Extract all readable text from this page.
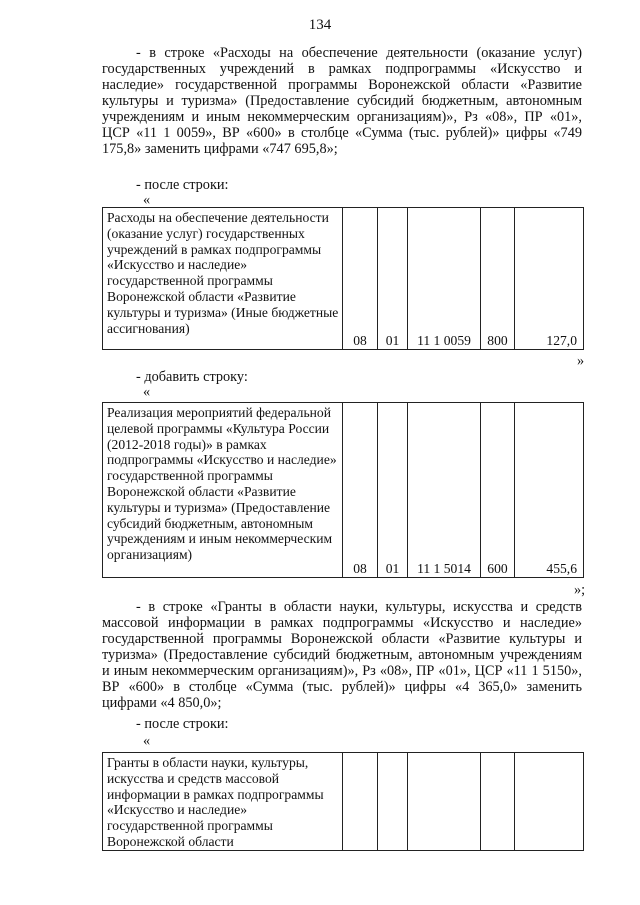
134

- в строке «Расходы на обеспечение деятельности (оказание услуг) государственных учреждений в рамках подпрограммы «Искусство и наследие» государственной программы Воронежской области «Развитие культуры и туризма» (Предоставление субсидий бюджетным, автономным учреждениям и иным некоммерческим организациям)», Рз «08», ПР «01», ЦСР «11 1 0059», ВР «600» в столбце «Сумма (тыс. рублей)» цифры «749 175,8» заменить цифрами «747 695,8»;

- после строки:
«
Расходы на обеспечение деятельности (оказание услуг) государственных учреждений в рамках подпрограммы «Искусство и наследие» государственной программы Воронежской области «Развитие культуры и туризма» (Иные бюджетные ассигнования)	08	01	11 1 0059	800	127,0
»
- добавить строку:
«
Реализация мероприятий федеральной целевой программы «Культура России (2012-2018 годы)» в рамках подпрограммы «Искусство и наследие» государственной программы Воронежской области «Развитие культуры и туризма» (Предоставление субсидий бюджетным, автономным учреждениям и иным некоммерческим организациям)	08	01	11 1 5014	600	455,6
»;

- в строке «Гранты в области науки, культуры, искусства и средств массовой информации в рамках подпрограммы «Искусство и наследие» государственной программы Воронежской области «Развитие культуры и туризма» (Предоставление субсидий бюджетным, автономным учреждениям и иным некоммерческим организациям)», Рз «08», ПР «01», ЦСР «11 1 5150», ВР «600» в столбце «Сумма (тыс. рублей)» цифры «4 365,0» заменить цифрами «4 850,0»;

- после строки:
«
Гранты в области науки, культуры, искусства и средств массовой информации в рамках подпрограммы «Искусство и наследие» государственной программы Воронежской области					
